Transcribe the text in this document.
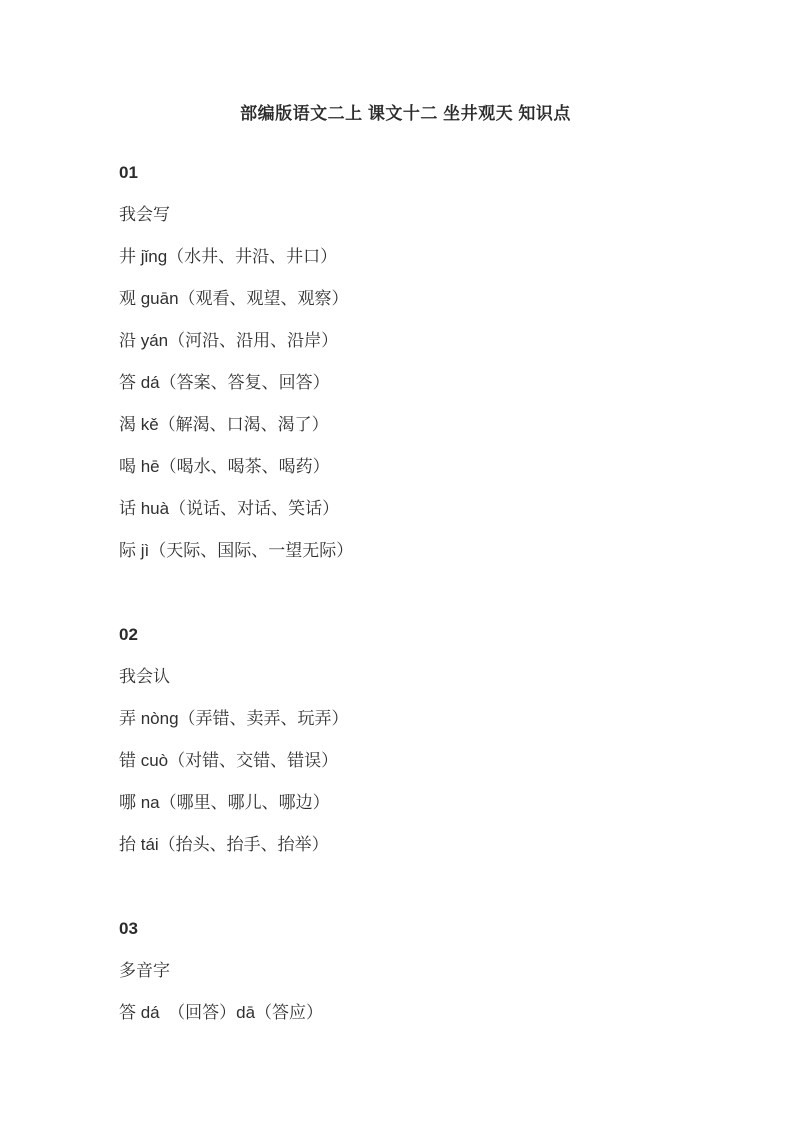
部编版语文二上 课文十二 坐井观天 知识点

01

我会写

井 jǐng（水井、井沿、井口）

观 guān（观看、观望、观察）

沿 yán（河沿、沿用、沿岸）

答 dá（答案、答复、回答）

渴 kě（解渴、口渴、渴了）

喝 hē（喝水、喝茶、喝药）

话 huà（说话、对话、笑话）

际 jì（天际、国际、一望无际）

02

我会认

弄 nòng（弄错、卖弄、玩弄）

错 cuò（对错、交错、错误）

哪 na（哪里、哪儿、哪边）

抬 tái（抬头、抬手、抬举）

03

多音字

答 dá　（回答）dā（答应）
